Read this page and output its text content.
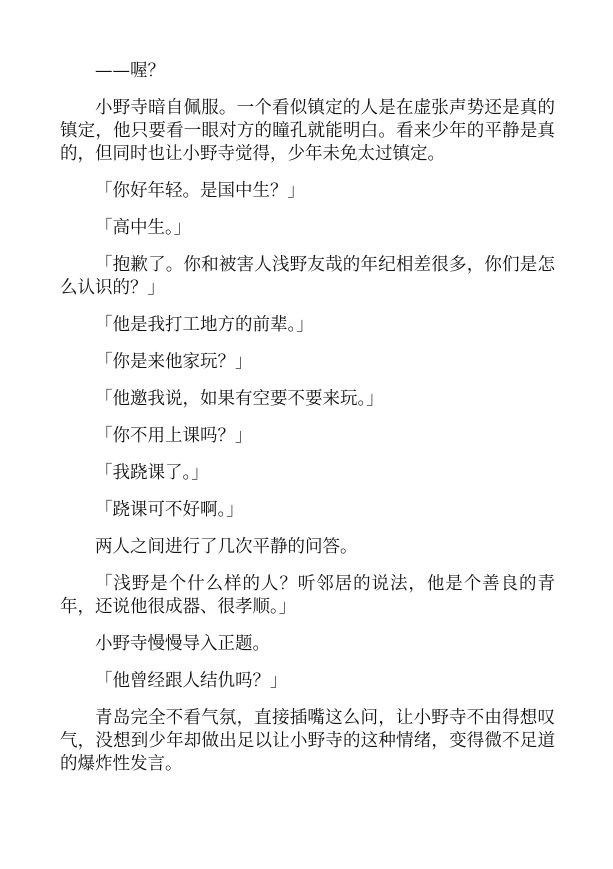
——喔？

小野寺暗自佩服。一个看似镇定的人是在虚张声势还是真的镇定，他只要看一眼对方的瞳孔就能明白。看来少年的平静是真的，但同时也让小野寺觉得，少年未免太过镇定。

「你好年轻。是国中生？」

「高中生。」

「抱歉了。你和被害人浅野友哉的年纪相差很多，你们是怎么认识的？」

「他是我打工地方的前辈。」

「你是来他家玩？」

「他邀我说，如果有空要不要来玩。」

「你不用上课吗？」

「我跷课了。」

「跷课可不好啊。」

两人之间进行了几次平静的问答。

「浅野是个什么样的人？听邻居的说法，他是个善良的青年，还说他很成器、很孝顺。」

小野寺慢慢导入正题。

「他曾经跟人结仇吗？」

青岛完全不看气氛，直接插嘴这么问，让小野寺不由得想叹气，没想到少年却做出足以让小野寺的这种情绪，变得微不足道的爆炸性发言。
